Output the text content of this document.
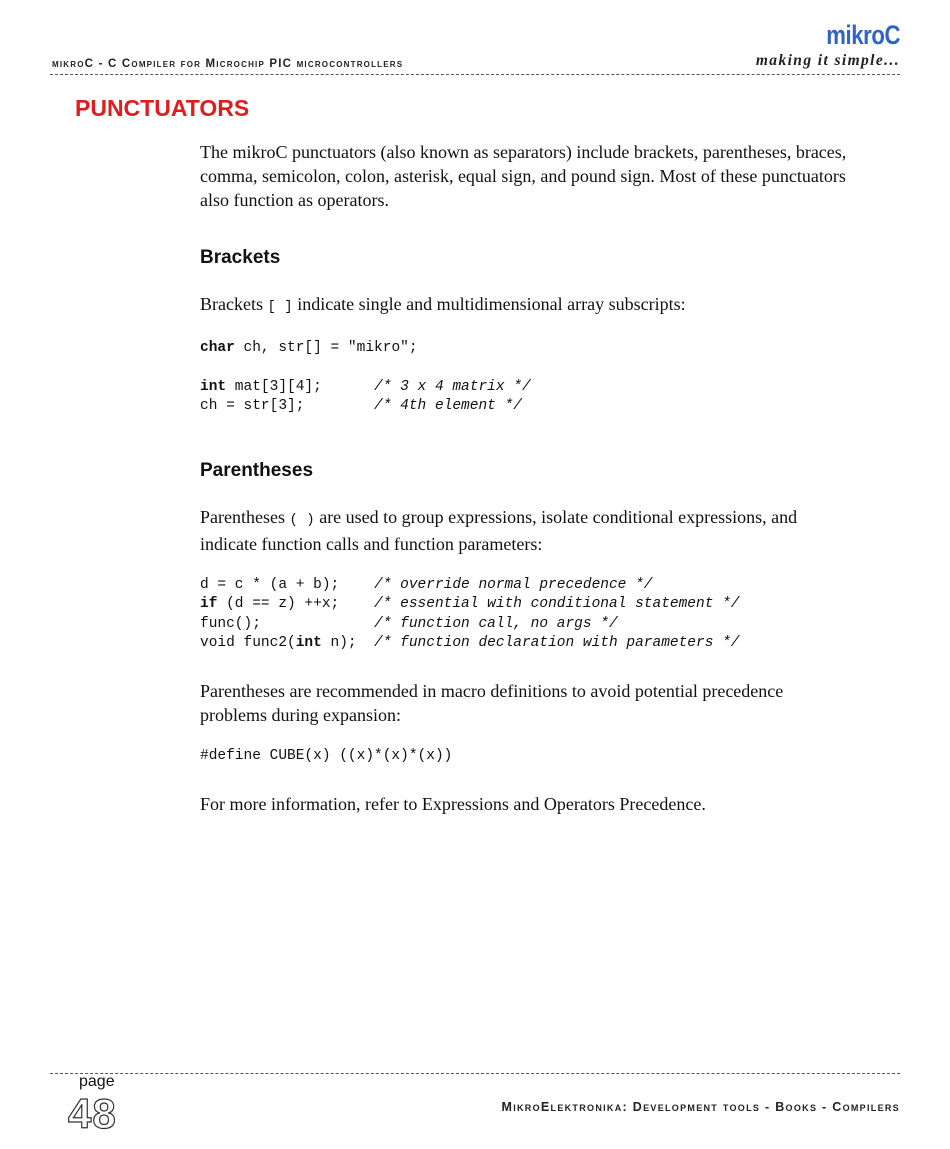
mikroC - C Compiler for Microchip PIC microcontrollers
mikroC
making it simple...
PUNCTUATORS

The mikroC punctuators (also known as separators) include brackets, parentheses, braces, comma, semicolon, colon, asterisk, equal sign, and pound sign. Most of these punctuators also function as operators.

Brackets

Brackets [ ] indicate single and multidimensional array subscripts:

char ch, str[] = "mikro";
int mat[3][4];      /* 3 x 4 matrix */
ch = str[3];        /* 4th element */
Parentheses

Parentheses ( ) are used to group expressions, isolate conditional expressions, and indicate function calls and function parameters:

d = c * (a + b);    /* override normal precedence */
if (d == z) ++x;    /* essential with conditional statement */
func();             /* function call, no args */
void func2(int n);  /* function declaration with parameters */

Parentheses are recommended in macro definitions to avoid potential precedence problems during expansion:

#define CUBE(x) ((x)*(x)*(x))

For more information, refer to Expressions and Operators Precedence.

page
48	MikroElektronika: Development tools - Books - Compilers
